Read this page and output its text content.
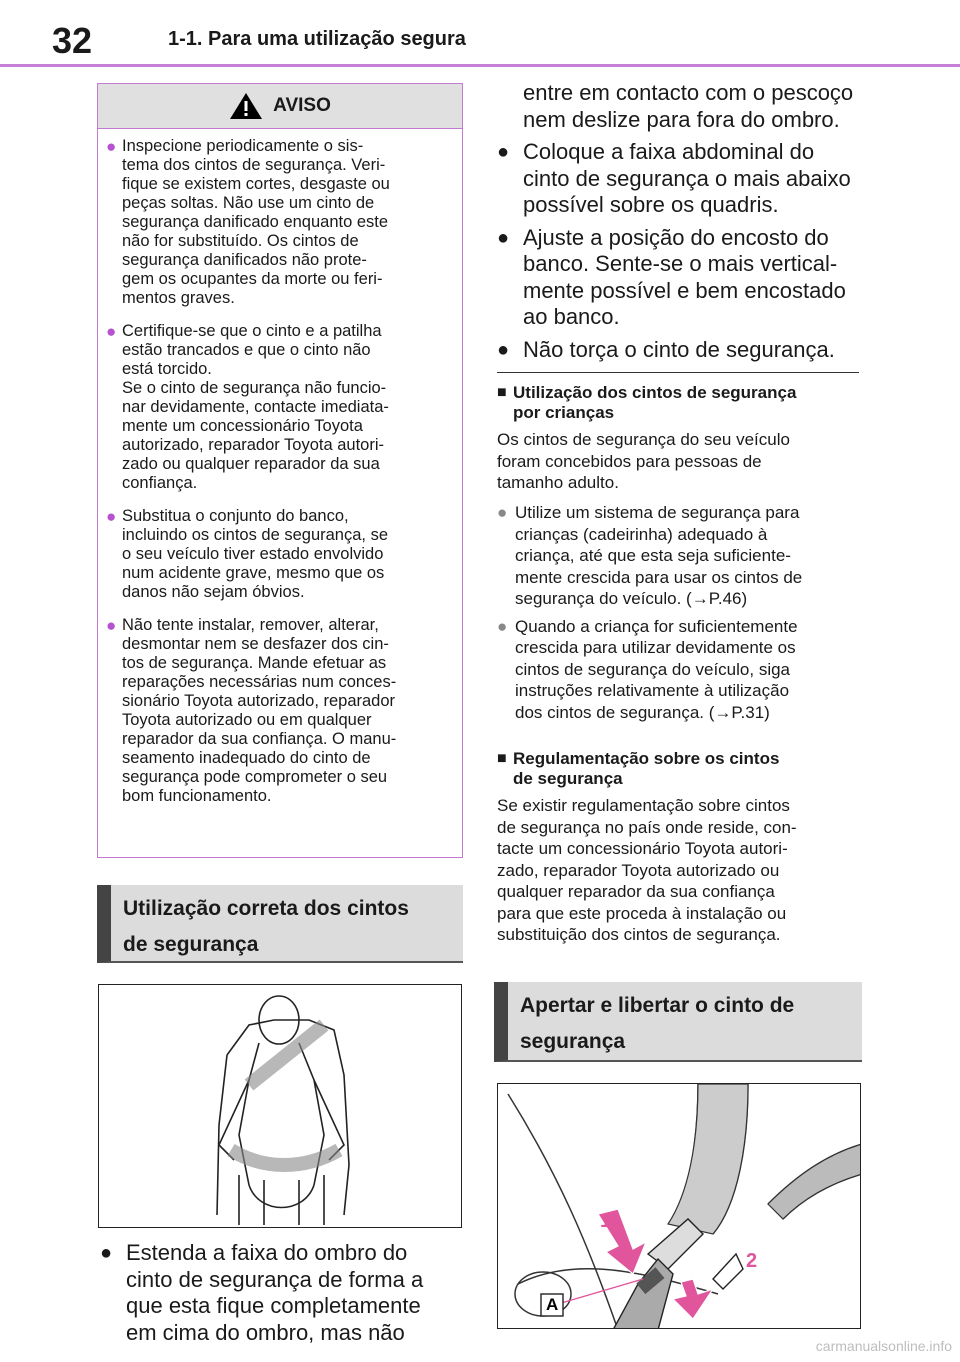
32	1-1. Para uma utilização segura
AVISO
● Inspecione periodicamente o sis-
tema dos cintos de segurança. Veri-
fique se existem cortes, desgaste ou
peças soltas. Não use um cinto de
segurança danificado enquanto este
não for substituído. Os cintos de
segurança danificados não prote-
gem os ocupantes da morte ou feri-
mentos graves.
● Certifique-se que o cinto e a patilha
estão trancados e que o cinto não
está torcido.
Se o cinto de segurança não funcio-
nar devidamente, contacte imediata-
mente um concessionário Toyota
autorizado, reparador Toyota autori-
zado ou qualquer reparador da sua
confiança.
● Substitua o conjunto do banco,
incluindo os cintos de segurança, se
o seu veículo tiver estado envolvido
num acidente grave, mesmo que os
danos não sejam óbvios.
● Não tente instalar, remover, alterar,
desmontar nem se desfazer dos cin-
tos de segurança. Mande efetuar as
reparações necessárias num conces-
sionário Toyota autorizado, reparador
Toyota autorizado ou em qualquer
reparador da sua confiança. O manu-
seamento inadequado do cinto de
segurança pode comprometer o seu
bom funcionamento.
Utilização correta dos cintos
de segurança
● Estenda a faixa do ombro do
cinto de segurança de forma a
que esta fique completamente
em cima do ombro, mas não
entre em contacto com o pescoço
nem deslize para fora do ombro.
● Coloque a faixa abdominal do
cinto de segurança o mais abaixo
possível sobre os quadris.
● Ajuste a posição do encosto do
banco. Sente-se o mais vertical-
mente possível e bem encostado
ao banco.
● Não torça o cinto de segurança.
■ Utilização dos cintos de segurança
por crianças
Os cintos de segurança do seu veículo
foram concebidos para pessoas de
tamanho adulto.
● Utilize um sistema de segurança para
crianças (cadeirinha) adequado à
criança, até que esta seja suficiente-
mente crescida para usar os cintos de
segurança do veículo. (→P.46)
● Quando a criança for suficientemente
crescida para utilizar devidamente os
cintos de segurança do veículo, siga
instruções relativamente à utilização
dos cintos de segurança. (→P.31)
■ Regulamentação sobre os cintos
de segurança
Se existir regulamentação sobre cintos
de segurança no país onde reside, con-
tacte um concessionário Toyota autori-
zado, reparador Toyota autorizado ou
qualquer reparador da sua confiança
para que este proceda à instalação ou
substituição dos cintos de segurança.
Apertar e libertar o cinto de
segurança
1
2
A
carmanualsonline.info
